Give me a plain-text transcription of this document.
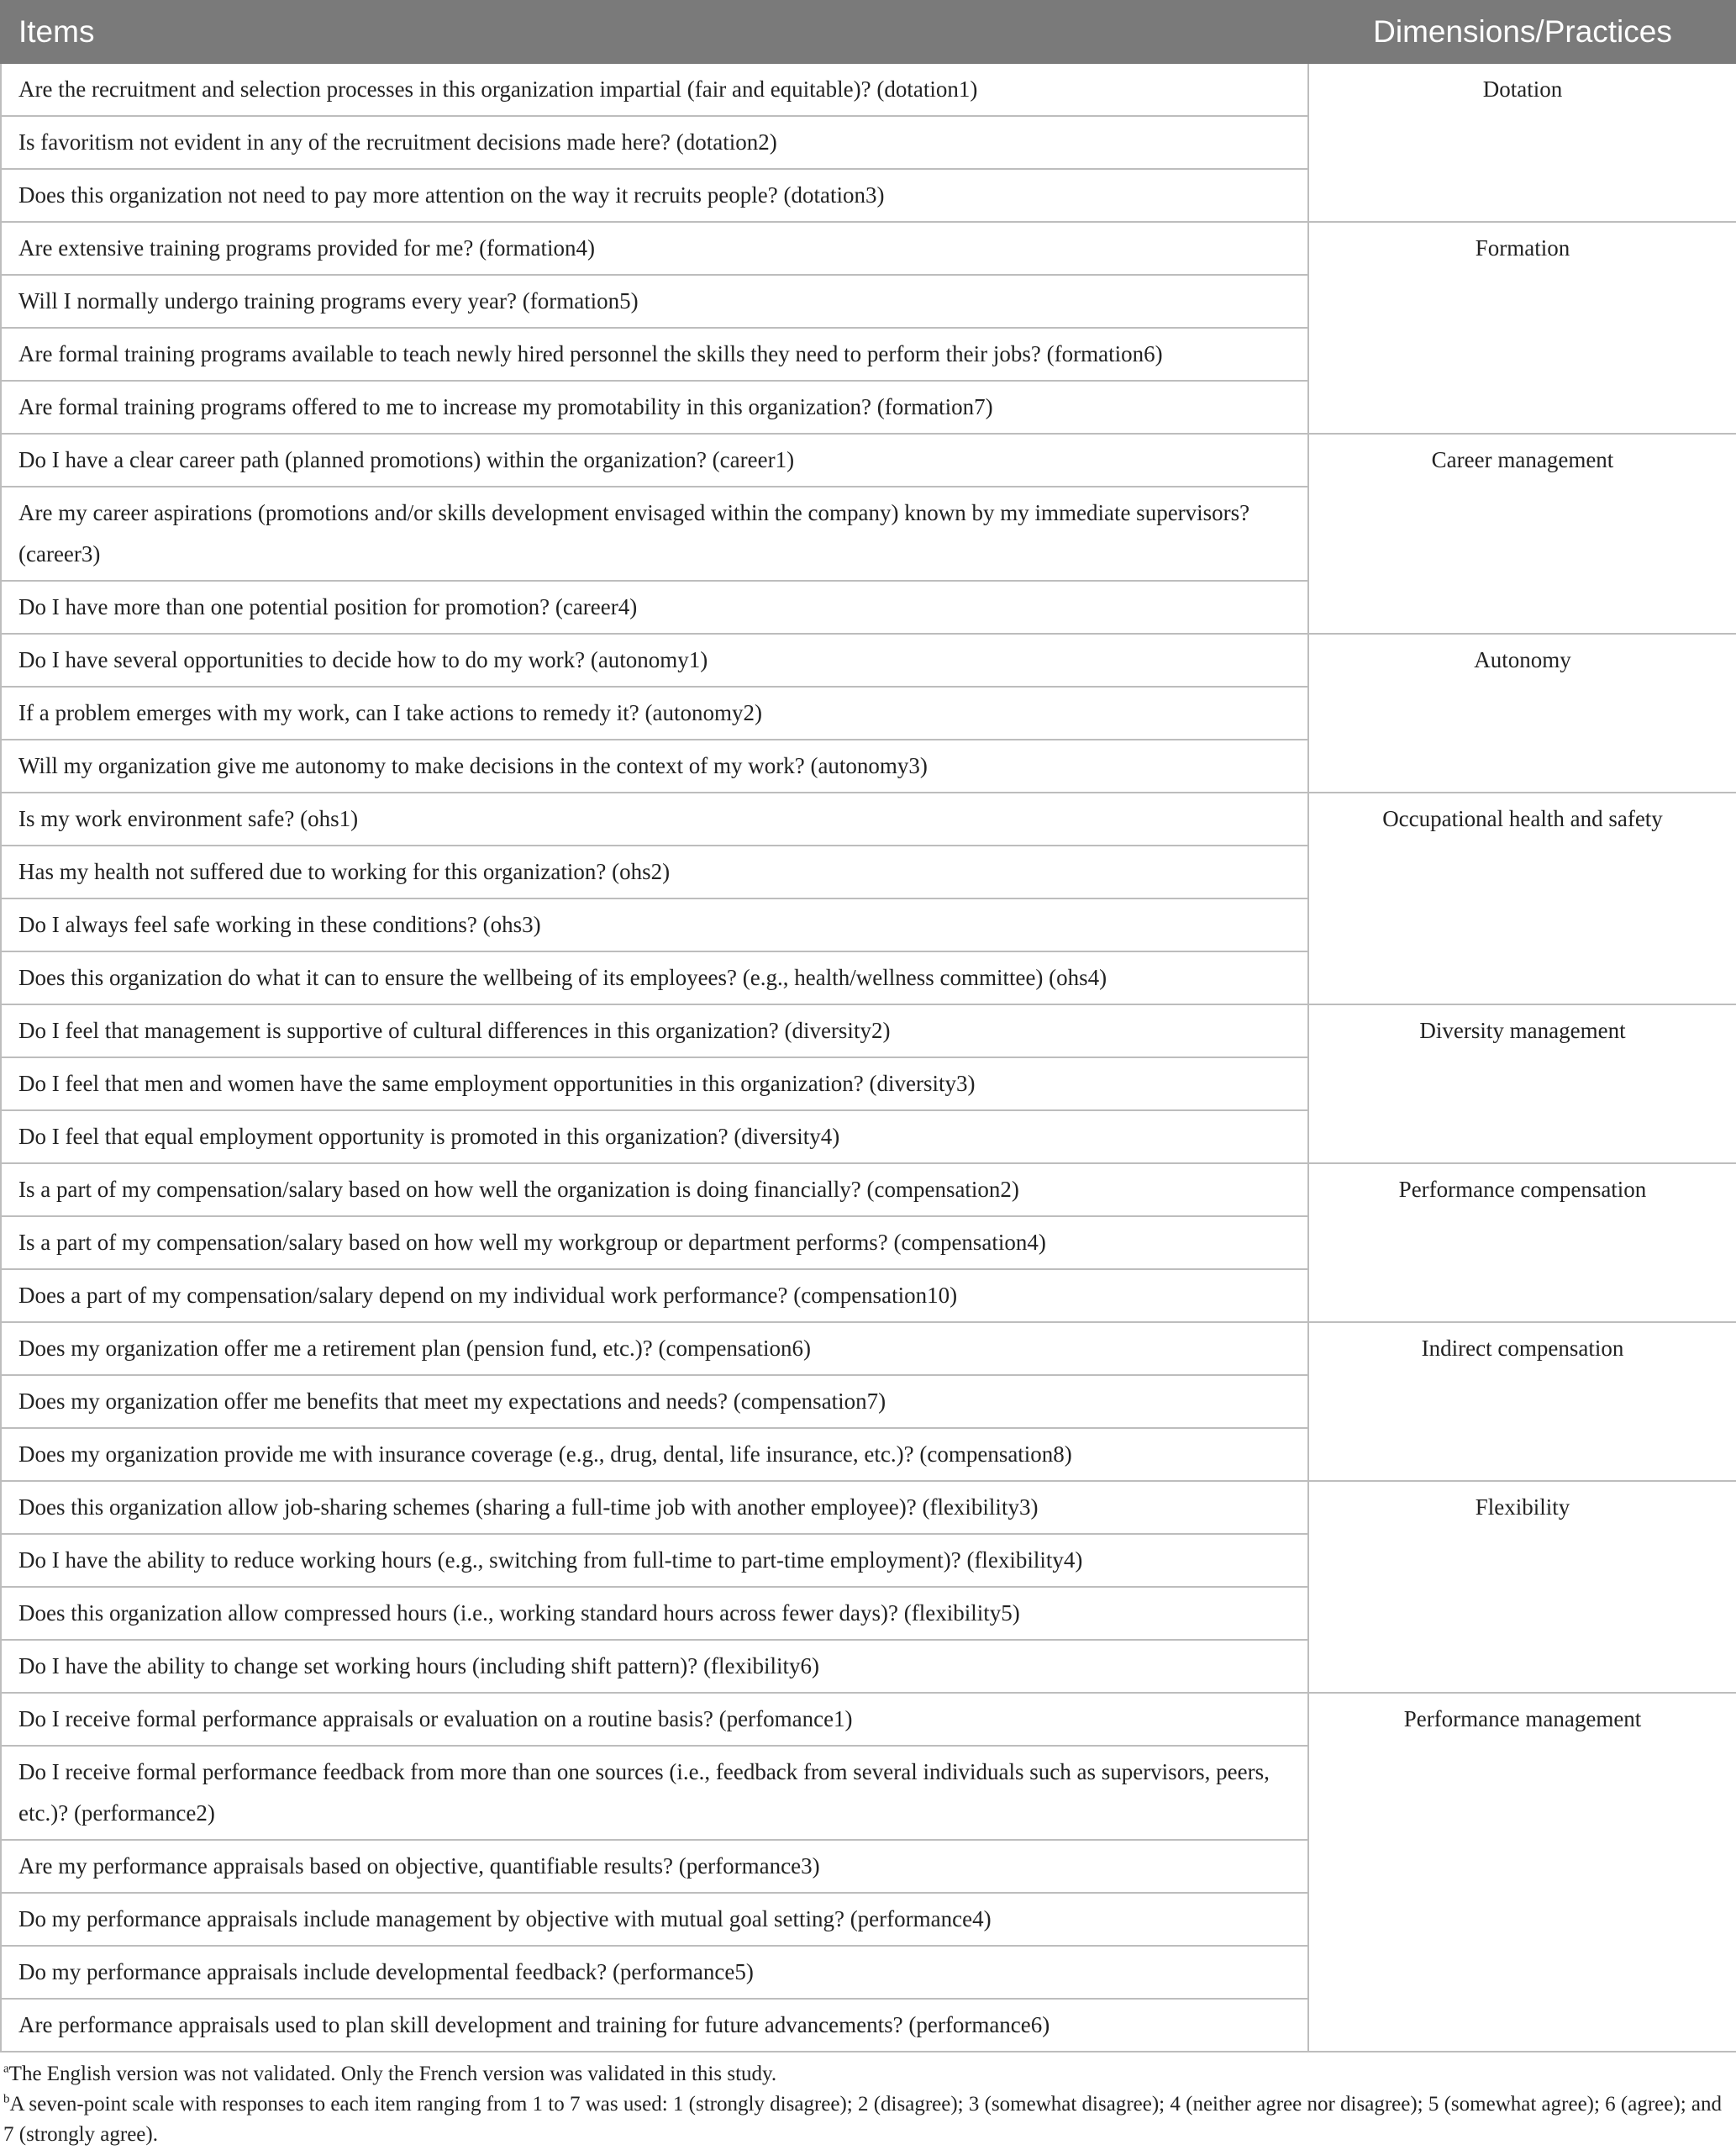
Items	Dimensions/Practices
Are the recruitment and selection processes in this organization impartial (fair and equitable)? (dotation1)	Dotation
Is favoritism not evident in any of the recruitment decisions made here? (dotation2)	
Does this organization not need to pay more attention on the way it recruits people? (dotation3)	
Are extensive training programs provided for me? (formation4)	Formation
Will I normally undergo training programs every year? (formation5)	
Are formal training programs available to teach newly hired personnel the skills they need to perform their jobs? (formation6)	
Are formal training programs offered to me to increase my promotability in this organization? (formation7)	
Do I have a clear career path (planned promotions) within the organization? (career1)	Career management
Are my career aspirations (promotions and/or skills development envisaged within the company) known by my immediate supervisors? (career3)	
Do I have more than one potential position for promotion? (career4)	
Do I have several opportunities to decide how to do my work? (autonomy1)	Autonomy
If a problem emerges with my work, can I take actions to remedy it? (autonomy2)	
Will my organization give me autonomy to make decisions in the context of my work? (autonomy3)	
Is my work environment safe? (ohs1)	Occupational health and safety
Has my health not suffered due to working for this organization? (ohs2)	
Do I always feel safe working in these conditions? (ohs3)	
Does this organization do what it can to ensure the wellbeing of its employees? (e.g., health/wellness committee) (ohs4)	
Do I feel that management is supportive of cultural differences in this organization? (diversity2)	Diversity management
Do I feel that men and women have the same employment opportunities in this organization? (diversity3)	
Do I feel that equal employment opportunity is promoted in this organization? (diversity4)	
Is a part of my compensation/salary based on how well the organization is doing financially? (compensation2)	Performance compensation
Is a part of my compensation/salary based on how well my workgroup or department performs? (compensation4)	
Does a part of my compensation/salary depend on my individual work performance? (compensation10)	
Does my organization offer me a retirement plan (pension fund, etc.)? (compensation6)	Indirect compensation
Does my organization offer me benefits that meet my expectations and needs? (compensation7)	
Does my organization provide me with insurance coverage (e.g., drug, dental, life insurance, etc.)? (compensation8)	
Does this organization allow job-sharing schemes (sharing a full-time job with another employee)? (flexibility3)	Flexibility
Do I have the ability to reduce working hours (e.g., switching from full-time to part-time employment)? (flexibility4)	
Does this organization allow compressed hours (i.e., working standard hours across fewer days)? (flexibility5)	
Do I have the ability to change set working hours (including shift pattern)? (flexibility6)	
Do I receive formal performance appraisals or evaluation on a routine basis? (perfomance1)	Performance management
Do I receive formal performance feedback from more than one sources (i.e., feedback from several individuals such as supervisors, peers, etc.)? (performance2)	
Are my performance appraisals based on objective, quantifiable results? (performance3)	
Do my performance appraisals include management by objective with mutual goal setting? (performance4)	
Do my performance appraisals include developmental feedback? (performance5)	
Are performance appraisals used to plan skill development and training for future advancements? (performance6)	

$^a$The English version was not validated. Only the French version was validated in this study.

$^b$A seven-point scale with responses to each item ranging from 1 to 7 was used: 1 (strongly disagree); 2 (disagree); 3 (somewhat disagree); 4 (neither agree nor disagree); 5 (somewhat agree); 6 (agree); and 7 (strongly agree).
